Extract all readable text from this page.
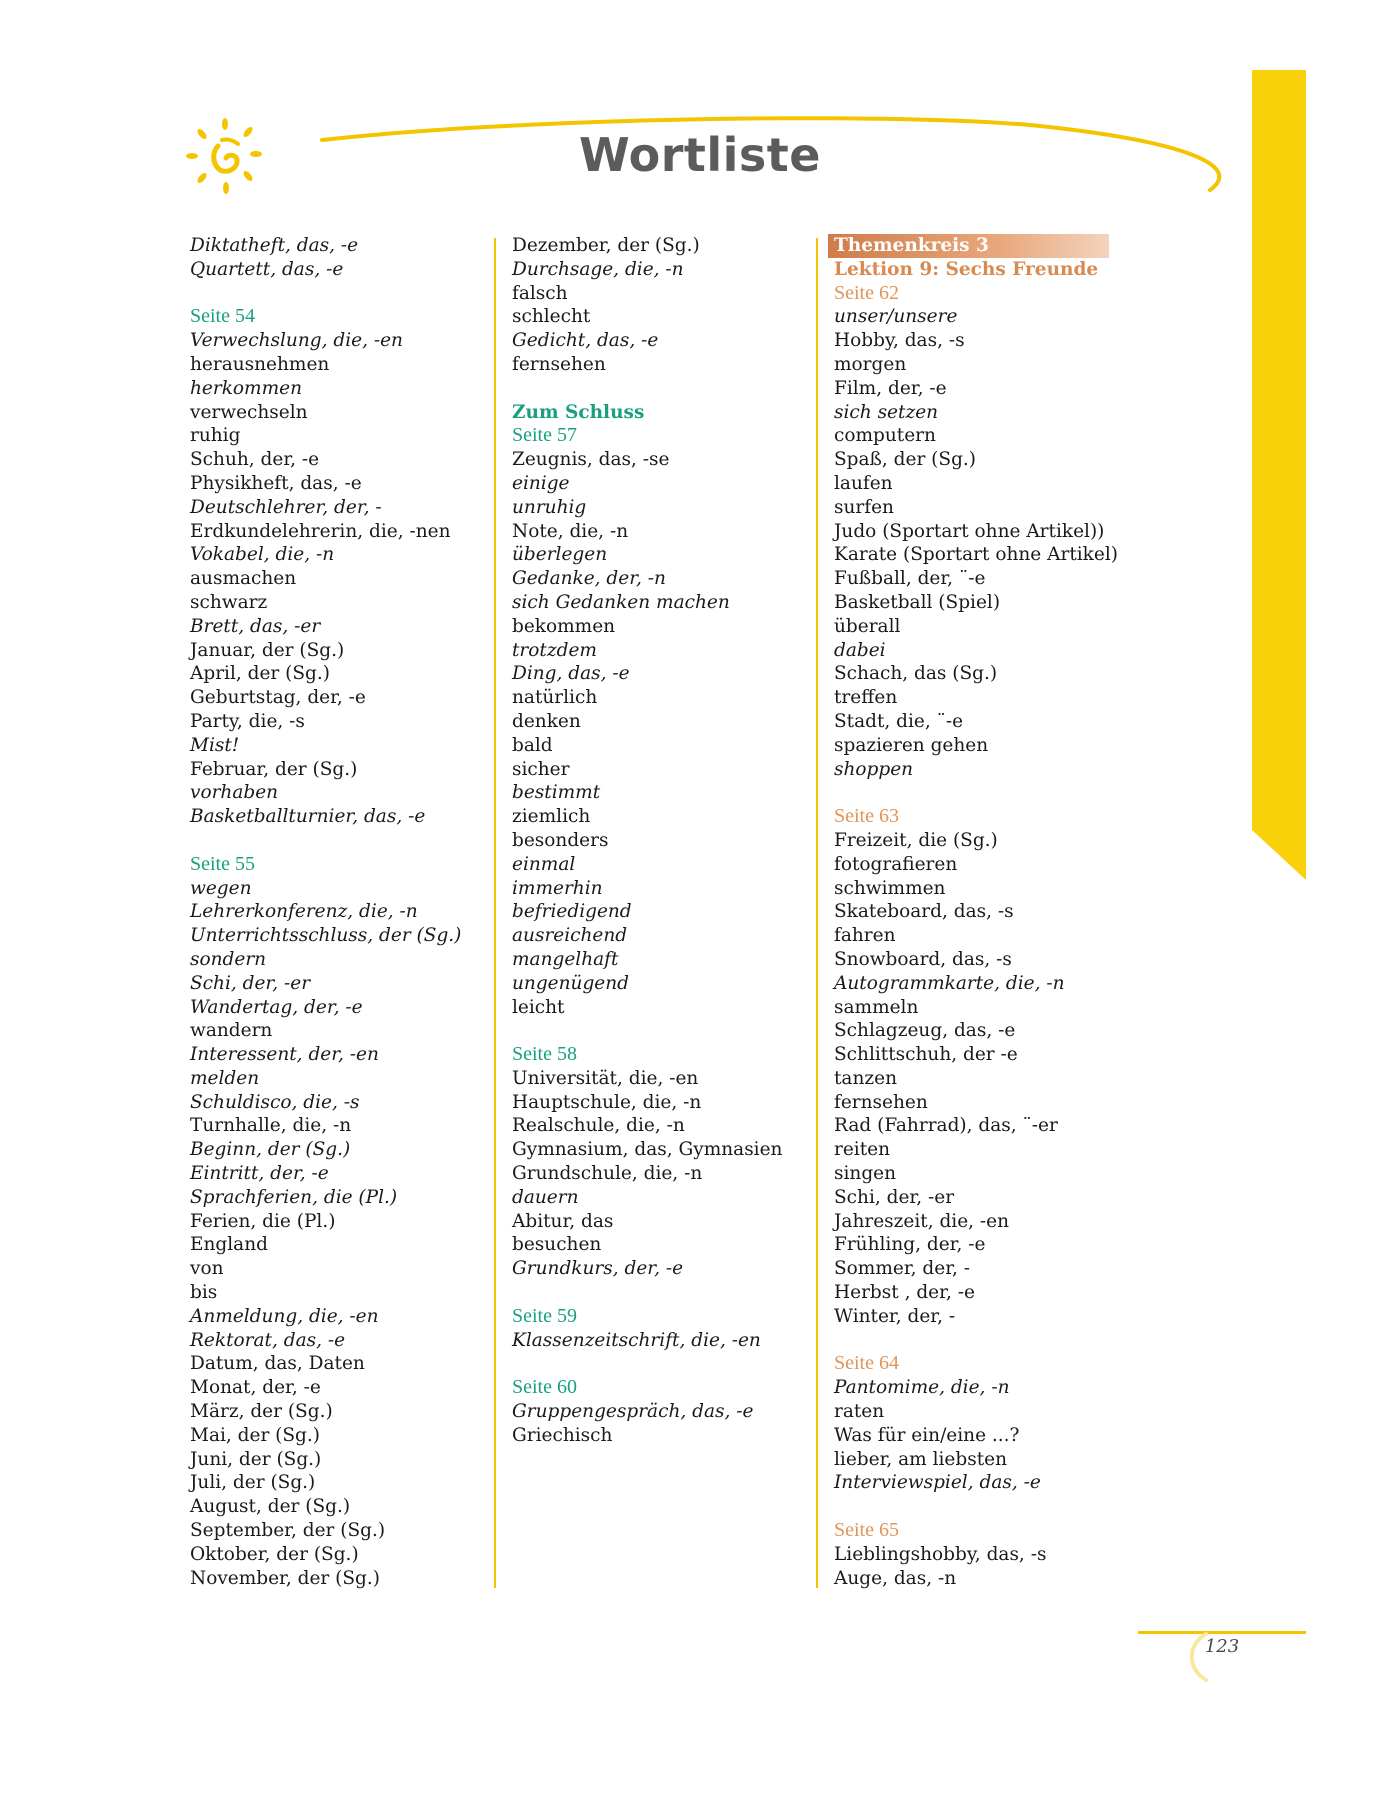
Wortliste
Diktatheft, das, -e
Quartett, das, -e
Seite 54
Verwechslung, die, -en
herausnehmen
herkommen
verwechseln
ruhig
Schuh, der, -e
Physikheft, das, -e
Deutschlehrer, der, -
Erdkundelehrerin, die, -nen
Vokabel, die, -n
ausmachen
schwarz
Brett, das, -er
Januar, der (Sg.)
April, der (Sg.)
Geburtstag, der, -e
Party, die, -s
Mist!
Februar, der (Sg.)
vorhaben
Basketballturnier, das, -e
Seite 55
wegen
Lehrerkonferenz, die, -n
Unterrichtsschluss, der (Sg.)
sondern
Schi, der, -er
Wandertag, der, -e
wandern
Interessent, der, -en
melden
Schuldisco, die, -s
Turnhalle, die, -n
Beginn, der (Sg.)
Eintritt, der, -e
Sprachferien, die (Pl.)
Ferien, die (Pl.)
England
von
bis
Anmeldung, die, -en
Rektorat, das, -e
Datum, das, Daten
Monat, der, -e
März, der (Sg.)
Mai, der (Sg.)
Juni, der (Sg.)
Juli, der (Sg.)
August, der (Sg.)
September, der (Sg.)
Oktober, der (Sg.)
November, der (Sg.)
Dezember, der (Sg.)
Durchsage, die, -n
falsch
schlecht
Gedicht, das, -e
fernsehen
Zum Schluss
Seite 57
Zeugnis, das, -se
einige
unruhig
Note, die, -n
überlegen
Gedanke, der, -n
sich Gedanken machen
bekommen
trotzdem
Ding, das, -e
natürlich
denken
bald
sicher
bestimmt
ziemlich
besonders
einmal
immerhin
befriedigend
ausreichend
mangelhaft
ungenügend
leicht
Seite 58
Universität, die, -en
Hauptschule, die, -n
Realschule, die, -n
Gymnasium, das, Gymnasien
Grundschule, die, -n
dauern
Abitur, das
besuchen
Grundkurs, der, -e
Seite 59
Klassenzeitschrift, die, -en
Seite 60
Gruppengespräch, das, -e
Griechisch
Themenkreis 3
Lektion 9: Sechs Freunde
Seite 62
unser/unsere
Hobby, das, -s
morgen
Film, der, -e
sich setzen
computern
Spaß, der (Sg.)
laufen
surfen
Judo (Sportart ohne Artikel))
Karate (Sportart ohne Artikel)
Fußball, der, ¨-e
Basketball (Spiel)
überall
dabei
Schach, das (Sg.)
treffen
Stadt, die, ¨-e
spazieren gehen
shoppen
Seite 63
Freizeit, die (Sg.)
fotografieren
schwimmen
Skateboard, das, -s
fahren
Snowboard, das, -s
Autogrammkarte, die, -n
sammeln
Schlagzeug, das, -e
Schlittschuh, der -e
tanzen
fernsehen
Rad (Fahrrad), das, ¨-er
reiten
singen
Schi, der, -er
Jahreszeit, die, -en
Frühling, der, -e
Sommer, der, -
Herbst , der, -e
Winter, der, -
Seite 64
Pantomime, die, -n
raten
Was für ein/eine ...?
lieber, am liebsten
Interviewspiel, das, -e
Seite 65
Lieblingshobby, das, -s
Auge, das, -n
123
